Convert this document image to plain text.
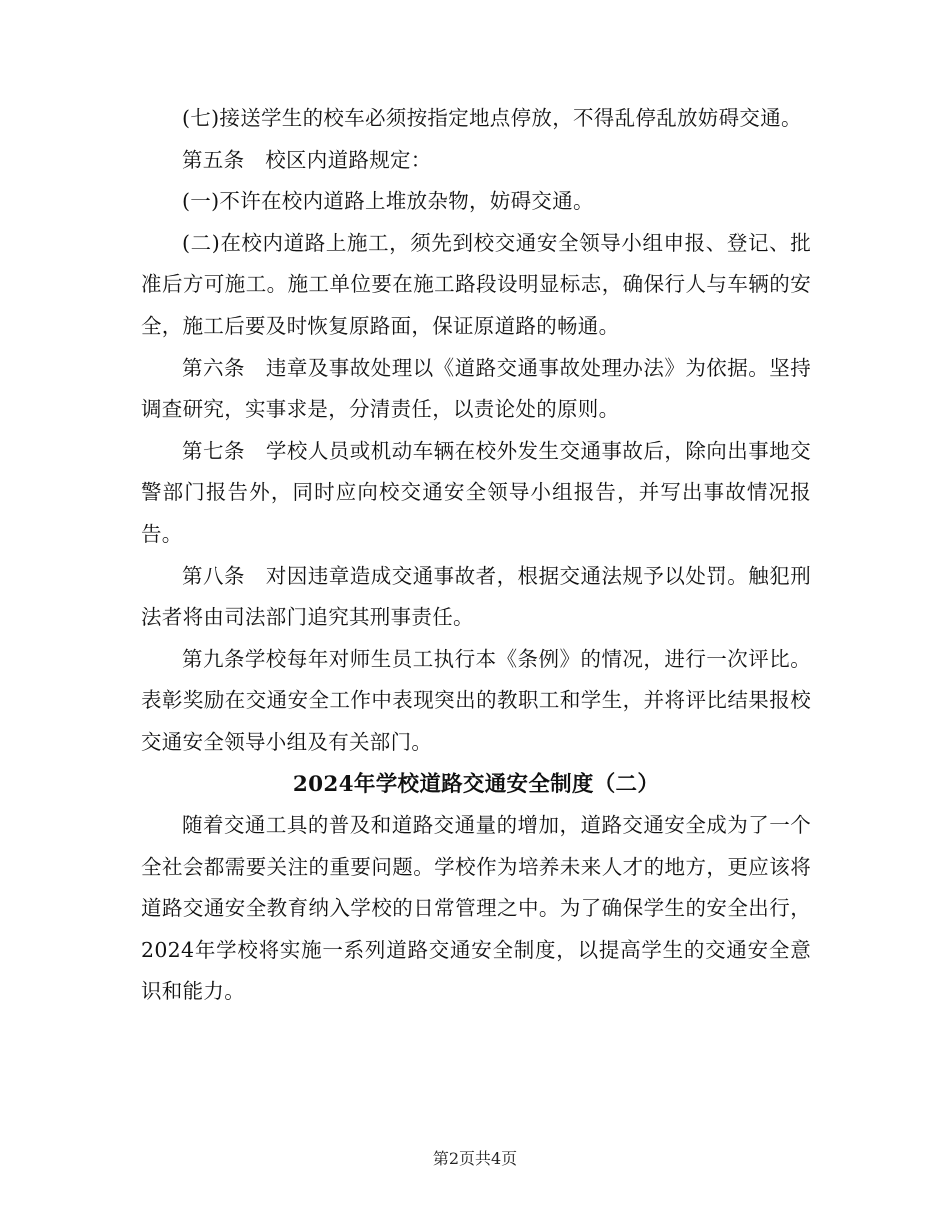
(七)接送学生的校车必须按指定地点停放，不得乱停乱放妨碍交通。

第五条　校区内道路规定：

(一)不许在校内道路上堆放杂物，妨碍交通。

(二)在校内道路上施工，须先到校交通安全领导小组申报、登记、批准后方可施工。施工单位要在施工路段设明显标志，确保行人与车辆的安全，施工后要及时恢复原路面，保证原道路的畅通。

第六条　违章及事故处理以《道路交通事故处理办法》为依据。坚持调查研究，实事求是，分清责任，以责论处的原则。

第七条　学校人员或机动车辆在校外发生交通事故后，除向出事地交警部门报告外，同时应向校交通安全领导小组报告，并写出事故情况报告。

第八条　对因违章造成交通事故者，根据交通法规予以处罚。触犯刑法者将由司法部门追究其刑事责任。

第九条学校每年对师生员工执行本《条例》的情况，进行一次评比。表彰奖励在交通安全工作中表现突出的教职工和学生，并将评比结果报校交通安全领导小组及有关部门。

2024年学校道路交通安全制度（二）

随着交通工具的普及和道路交通量的增加，道路交通安全成为了一个全社会都需要关注的重要问题。学校作为培养未来人才的地方，更应该将道路交通安全教育纳入学校的日常管理之中。为了确保学生的安全出行，2024年学校将实施一系列道路交通安全制度，以提高学生的交通安全意识和能力。

第2页共4页
